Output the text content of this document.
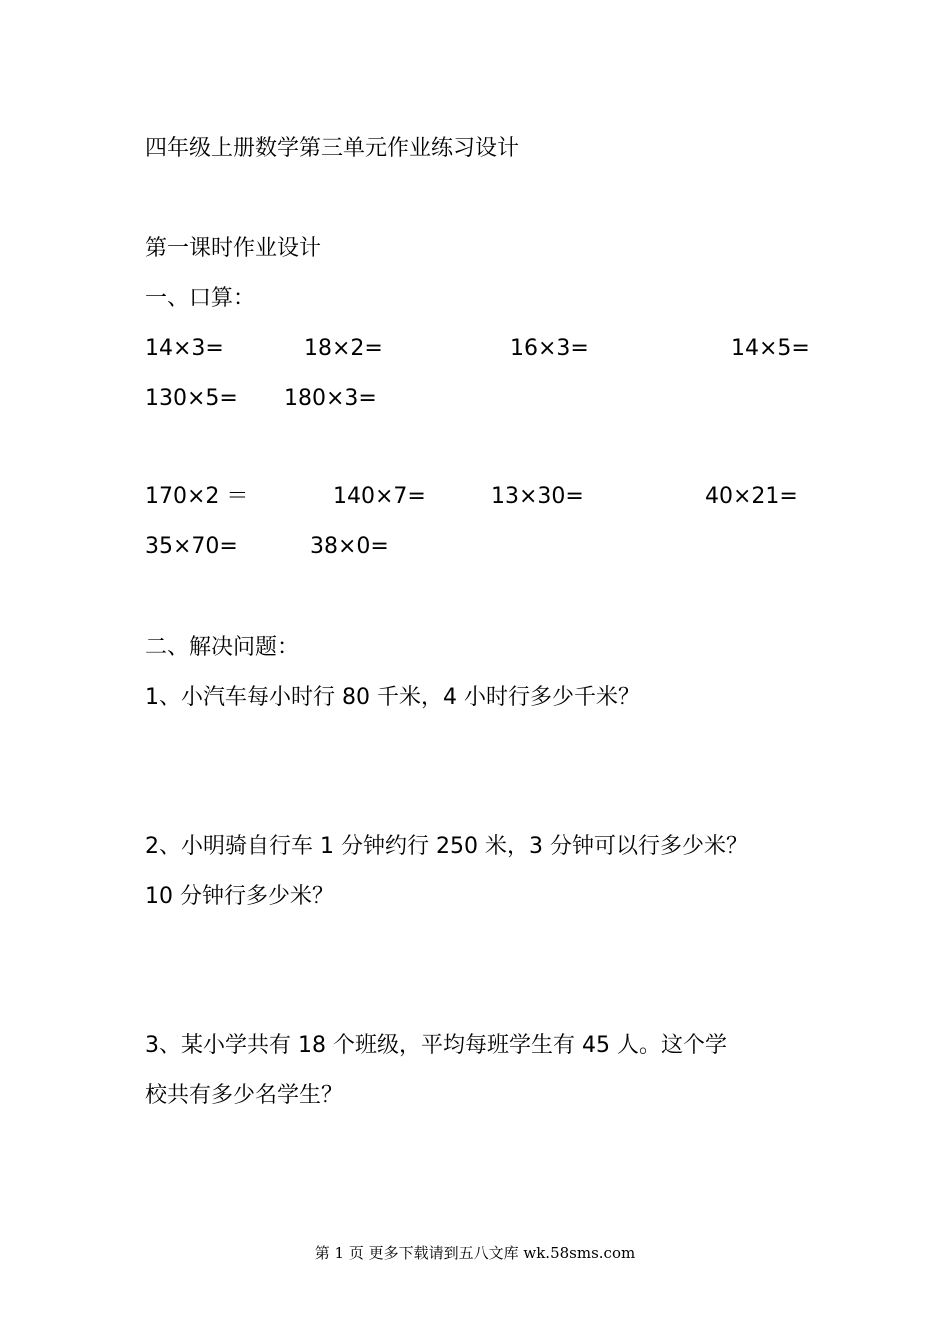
四年级上册数学第三单元作业练习设计
第一课时作业设计
一、口算：
14×3=	18×2=	16×3=	14×5=
130×5= 180×3=
170×2 ＝	140×7=	13×30=	40×21=
35×70=	38×0=
二、解决问题：
1、小汽车每小时行 80 千米，4 小时行多少千米？
2、小明骑自行车 1 分钟约行 250 米，3 分钟可以行多少米？
10 分钟行多少米？
3、某小学共有 18 个班级，平均每班学生有 45 人。这个学
校共有多少名学生？
第 1 页 更多下载请到五八文库 wk.58sms.com
